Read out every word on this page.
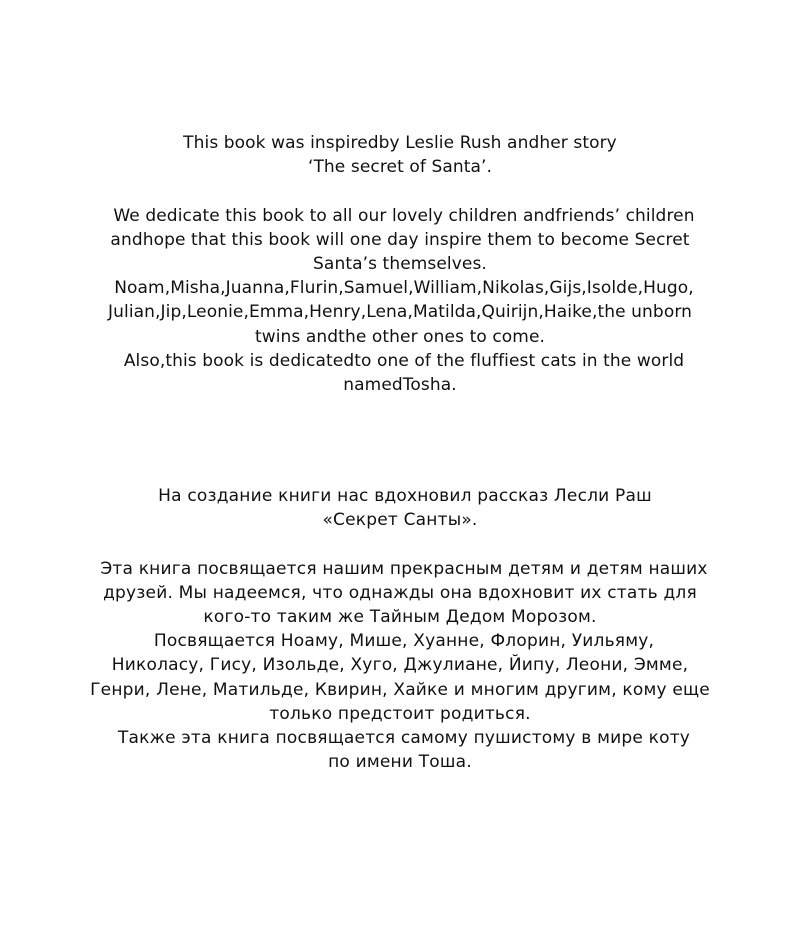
This book was inspiredby Leslie Rush andher story
‘The secret of Santa’.
We dedicate this book to all our lovely children andfriends’ children
andhope that this book will one day inspire them to become Secret
Santa’s themselves.
Noam,Misha,Juanna,Flurin,Samuel,William,Nikolas,Gijs,Isolde,Hugo,
Julian,Jip,Leonie,Emma,Henry,Lena,Matilda,Quirijn,Haike,the unborn
twins andthe other ones to come.
Also,this book is dedicatedto one of the fluffiest cats in the world
namedTosha.
На создание книги нас вдохновил рассказ Лесли Раш
«Секрет Санты».
Эта книга посвящается нашим прекрасным детям и детям наших
друзей. Мы надеемся, что однажды она вдохновит их стать для
кого-то таким же Тайным Дедом Морозом.
Посвящается Ноаму, Мише, Хуанне, Флорин, Уильяму,
Николасу, Гису, Изольде, Хуго, Джулиане, Йипу, Леони, Эмме,
Генри, Лене, Матильде, Квирин, Хайке и многим другим, кому еще
только предстоит родиться.
Также эта книга посвящается самому пушистому в мире коту
по имени Тоша.
